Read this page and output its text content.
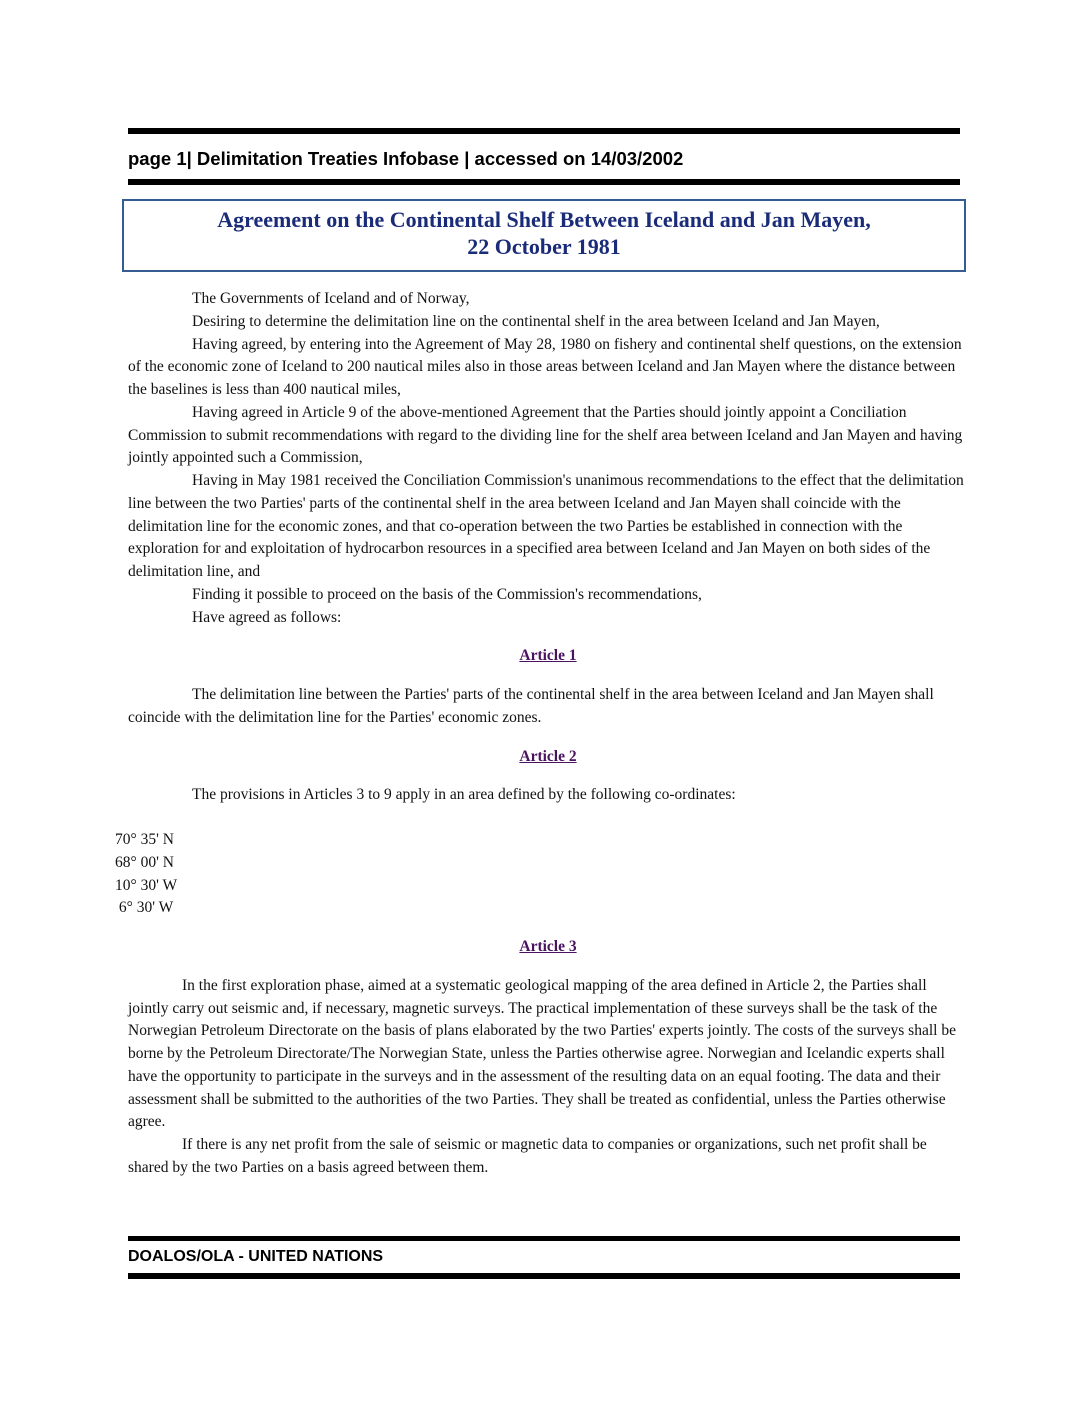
page 1| Delimitation Treaties Infobase | accessed on 14/03/2002
Agreement on the Continental Shelf Between Iceland and Jan Mayen,
22 October 1981

The Governments of Iceland and of Norway,

Desiring to determine the delimitation line on the continental shelf in the area between Iceland and Jan Mayen,

Having agreed, by entering into the Agreement of May 28, 1980 on fishery and continental shelf questions, on the extension of the economic zone of Iceland to 200 nautical miles also in those areas between Iceland and Jan Mayen where the distance between the baselines is less than 400 nautical miles,

Having agreed in Article 9 of the above-mentioned Agreement that the Parties should jointly appoint a Conciliation Commission to submit recommendations with regard to the dividing line for the shelf area between Iceland and Jan Mayen and having jointly appointed such a Commission,

Having in May 1981 received the Conciliation Commission's unanimous recommendations to the effect that the delimitation line between the two Parties' parts of the continental shelf in the area between Iceland and Jan Mayen shall coincide with the delimitation line for the economic zones, and that co-operation between the two Parties be established in connection with the exploration for and exploitation of hydrocarbon resources in a specified area between Iceland and Jan Mayen on both sides of the delimitation line, and

Finding it possible to proceed on the basis of the Commission's recommendations,

Have agreed as follows:

Article 1

The delimitation line between the Parties' parts of the continental shelf in the area between Iceland and Jan Mayen shall coincide with the delimitation line for the Parties' economic zones.

Article 2

The provisions in Articles 3 to 9 apply in an area defined by the following co-ordinates:

70° 35' N
68° 00' N
10° 30' W
6° 30' W

Article 3

In the first exploration phase, aimed at a systematic geological mapping of the area defined in Article 2, the Parties shall jointly carry out seismic and, if necessary, magnetic surveys. The practical implementation of these surveys shall be the task of the Norwegian Petroleum Directorate on the basis of plans elaborated by the two Parties' experts jointly. The costs of the surveys shall be borne by the Petroleum Directorate/The Norwegian State, unless the Parties otherwise agree. Norwegian and Icelandic experts shall have the opportunity to participate in the surveys and in the assessment of the resulting data on an equal footing. The data and their assessment shall be submitted to the authorities of the two Parties. They shall be treated as confidential, unless the Parties otherwise agree.

If there is any net profit from the sale of seismic or magnetic data to companies or organizations, such net profit shall be shared by the two Parties on a basis agreed between them.

DOALOS/OLA - UNITED NATIONS
